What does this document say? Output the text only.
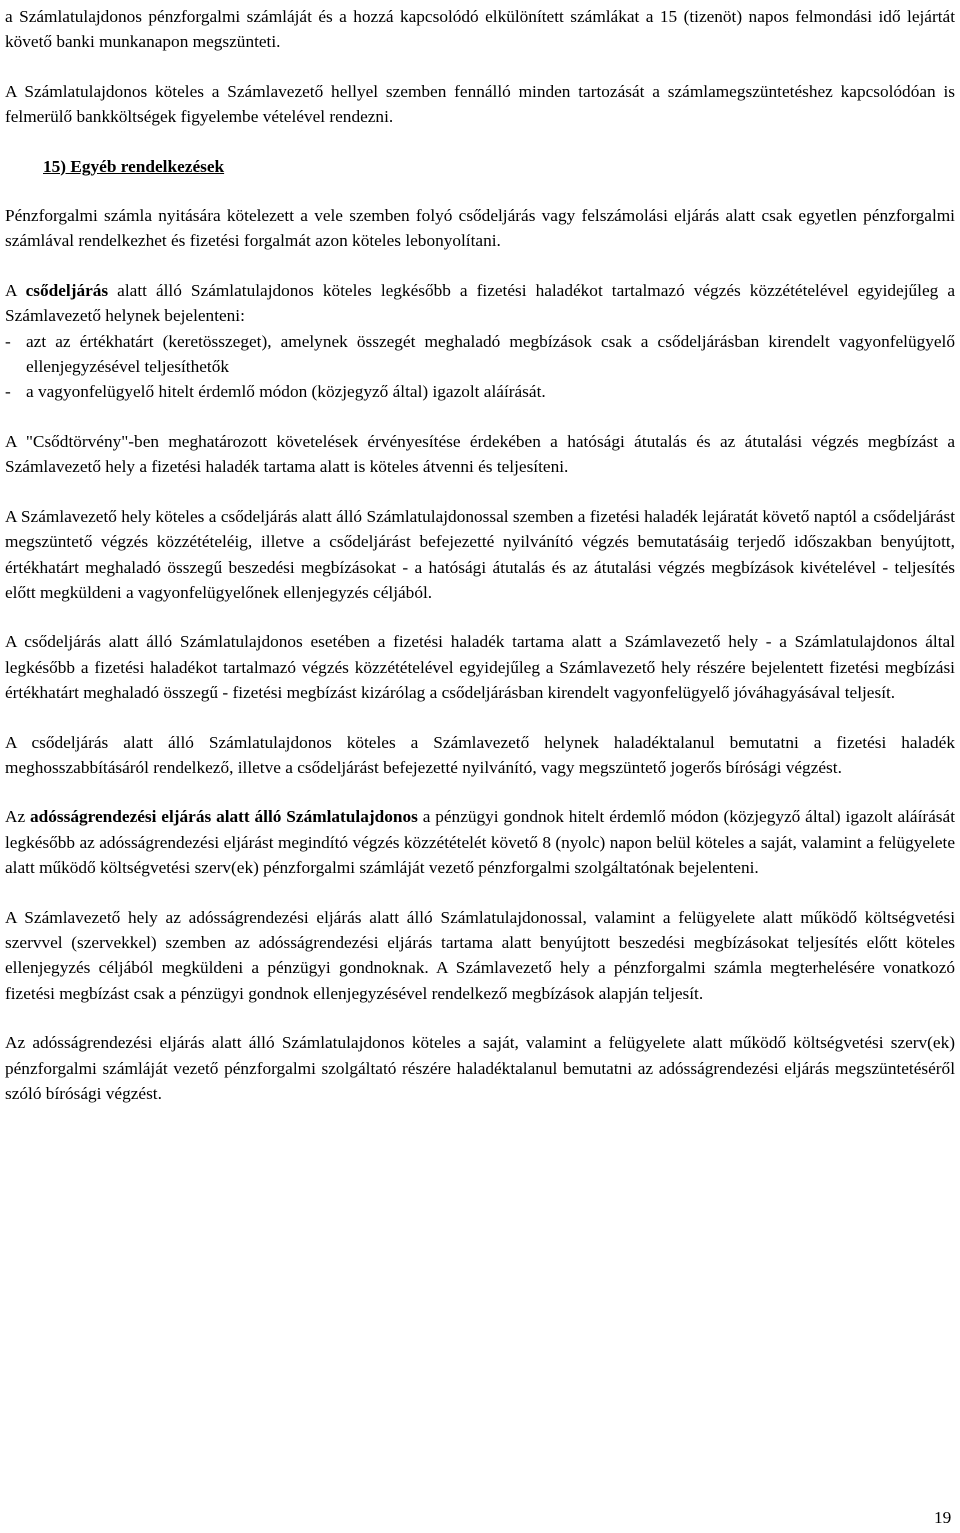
a Számlatulajdonos pénzforgalmi számláját és a hozzá kapcsolódó elkülönített számlákat a 15 (tizenöt) napos felmondási idő lejártát követő banki munkanapon megszünteti.

A Számlatulajdonos köteles a Számlavezető hellyel szemben fennálló minden tartozását a számlamegszüntetéshez kapcsolódóan is felmerülő bankköltségek figyelembe vételével rendezni.

15) Egyéb rendelkezések

Pénzforgalmi számla nyitására kötelezett a vele szemben folyó csődeljárás vagy felszámolási eljárás alatt csak egyetlen pénzforgalmi számlával rendelkezhet és fizetési forgalmát azon köteles lebonyolítani.

A csődeljárás alatt álló Számlatulajdonos köteles legkésőbb a fizetési haladékot tartalmazó végzés közzétételével egyidejűleg a Számlavezető helynek bejelenteni:

- azt az értékhatárt (keretösszeget), amelynek összegét meghaladó megbízások csak a csődeljárásban kirendelt vagyonfelügyelő ellenjegyzésével teljesíthetők
- a vagyonfelügyelő hitelt érdemlő módon (közjegyző által) igazolt aláírását.

A "Csődtörvény"-ben meghatározott követelések érvényesítése érdekében a hatósági átutalás és az átutalási végzés megbízást a Számlavezető hely a fizetési haladék tartama alatt is köteles átvenni és teljesíteni.

A Számlavezető hely köteles a csődeljárás alatt álló Számlatulajdonossal szemben a fizetési haladék lejáratát követő naptól a csődeljárást megszüntető végzés közzétételéig, illetve a csődeljárást befejezetté nyilvánító végzés bemutatásáig terjedő időszakban benyújtott, értékhatárt meghaladó összegű beszedési megbízásokat - a hatósági átutalás és az átutalási végzés megbízások kivételével - teljesítés előtt megküldeni a vagyonfelügyelőnek ellenjegyzés céljából.

A csődeljárás alatt álló Számlatulajdonos esetében a fizetési haladék tartama alatt a Számlavezető hely - a Számlatulajdonos által legkésőbb a fizetési haladékot tartalmazó végzés közzétételével egyidejűleg a Számlavezető hely részére bejelentett fizetési megbízási értékhatárt meghaladó összegű - fizetési megbízást kizárólag a csődeljárásban kirendelt vagyonfelügyelő jóváhagyásával teljesít.

A csődeljárás alatt álló Számlatulajdonos köteles a Számlavezető helynek haladéktalanul bemutatni a fizetési haladék meghosszabbításáról rendelkező, illetve a csődeljárást befejezetté nyilvánító, vagy megszüntető jogerős bírósági végzést.

Az adósságrendezési eljárás alatt álló Számlatulajdonos a pénzügyi gondnok hitelt érdemlő módon (közjegyző által) igazolt aláírását legkésőbb az adósságrendezési eljárást megindító végzés közzétételét követő 8 (nyolc) napon belül köteles a saját, valamint a felügyelete alatt működő költségvetési szerv(ek) pénzforgalmi számláját vezető pénzforgalmi szolgáltatónak bejelenteni.

A Számlavezető hely az adósságrendezési eljárás alatt álló Számlatulajdonossal, valamint a felügyelete alatt működő költségvetési szervvel (szervekkel) szemben az adósságrendezési eljárás tartama alatt benyújtott beszedési megbízásokat teljesítés előtt köteles ellenjegyzés céljából megküldeni a pénzügyi gondnoknak. A Számlavezető hely a pénzforgalmi számla megterhelésére vonatkozó fizetési megbízást csak a pénzügyi gondnok ellenjegyzésével rendelkező megbízások alapján teljesít.

Az adósságrendezési eljárás alatt álló Számlatulajdonos köteles a saját, valamint a felügyelete alatt működő költségvetési szerv(ek) pénzforgalmi számláját vezető pénzforgalmi szolgáltató részére haladéktalanul bemutatni az adósságrendezési eljárás megszüntetéséről szóló bírósági végzést.

19
